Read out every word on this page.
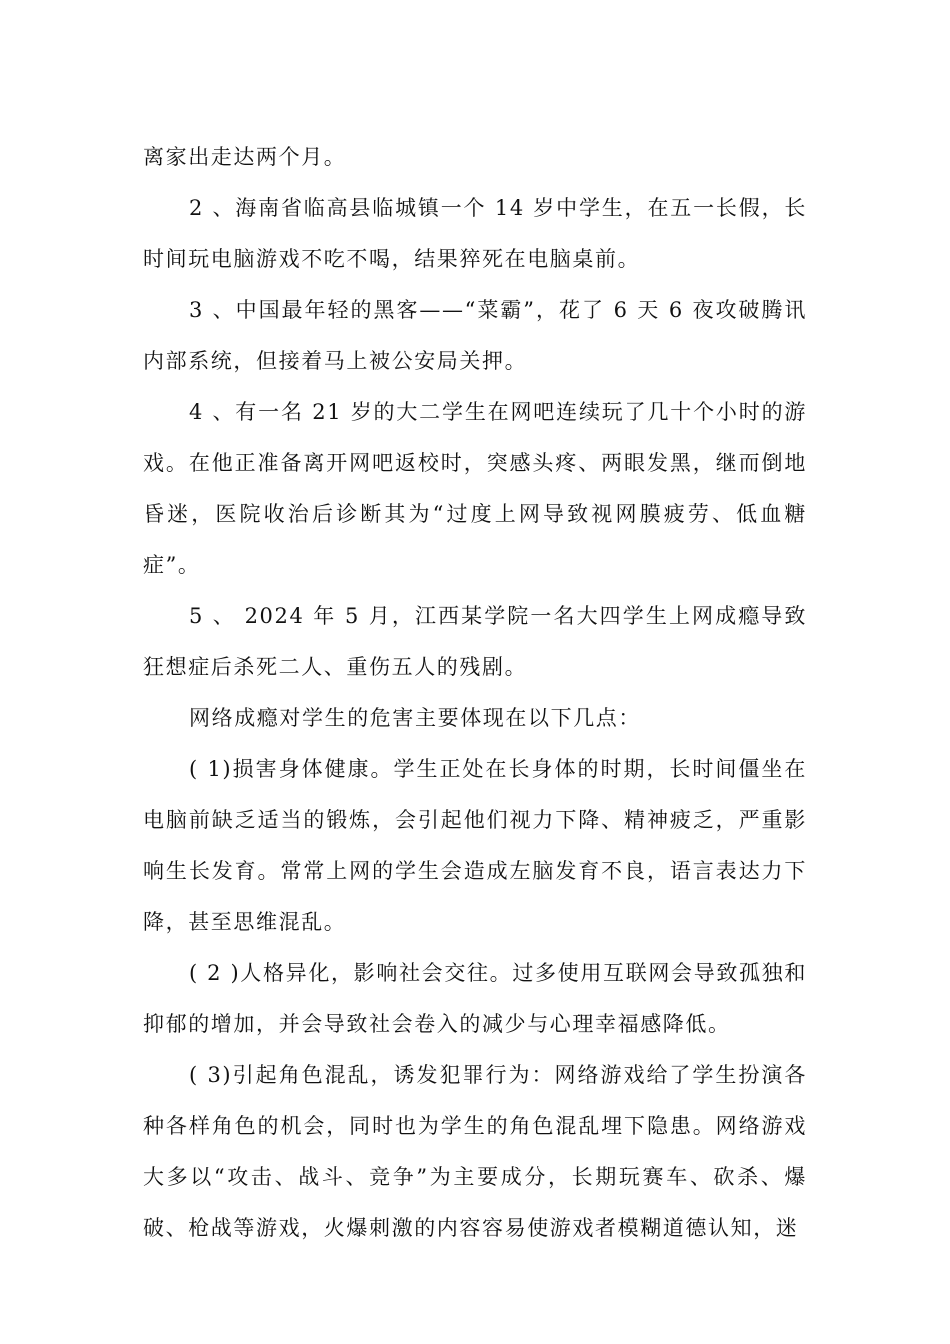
离家出走达两个月。

2 、海南省临高县临城镇一个 14 岁中学生，在五一长假，长时间玩电脑游戏不吃不喝，结果猝死在电脑桌前。

3 、中国最年轻的黑客——“菜霸”，花了 6 天 6 夜攻破腾讯内部系统，但接着马上被公安局关押。

4 、有一名 21 岁的大二学生在网吧连续玩了几十个小时的游戏。在他正准备离开网吧返校时，突感头疼、两眼发黑，继而倒地昏迷，医院收治后诊断其为“过度上网导致视网膜疲劳、低血糖症”。

5 、 2024 年 5 月，江西某学院一名大四学生上网成瘾导致狂想症后杀死二人、重伤五人的残剧。

网络成瘾对学生的危害主要体现在以下几点：

( 1)损害身体健康。学生正处在长身体的时期，长时间僵坐在电脑前缺乏适当的锻炼，会引起他们视力下降、精神疲乏，严重影响生长发育。常常上网的学生会造成左脑发育不良，语言表达力下降，甚至思维混乱。

( 2 )人格异化，影响社会交往。过多使用互联网会导致孤独和抑郁的增加，并会导致社会卷入的减少与心理幸福感降低。

( 3)引起角色混乱，诱发犯罪行为：网络游戏给了学生扮演各种各样角色的机会，同时也为学生的角色混乱埋下隐患。网络游戏大多以“攻击、战斗、竞争”为主要成分，长期玩赛车、砍杀、爆破、枪战等游戏，火爆刺激的内容容易使游戏者模糊道德认知，迷
